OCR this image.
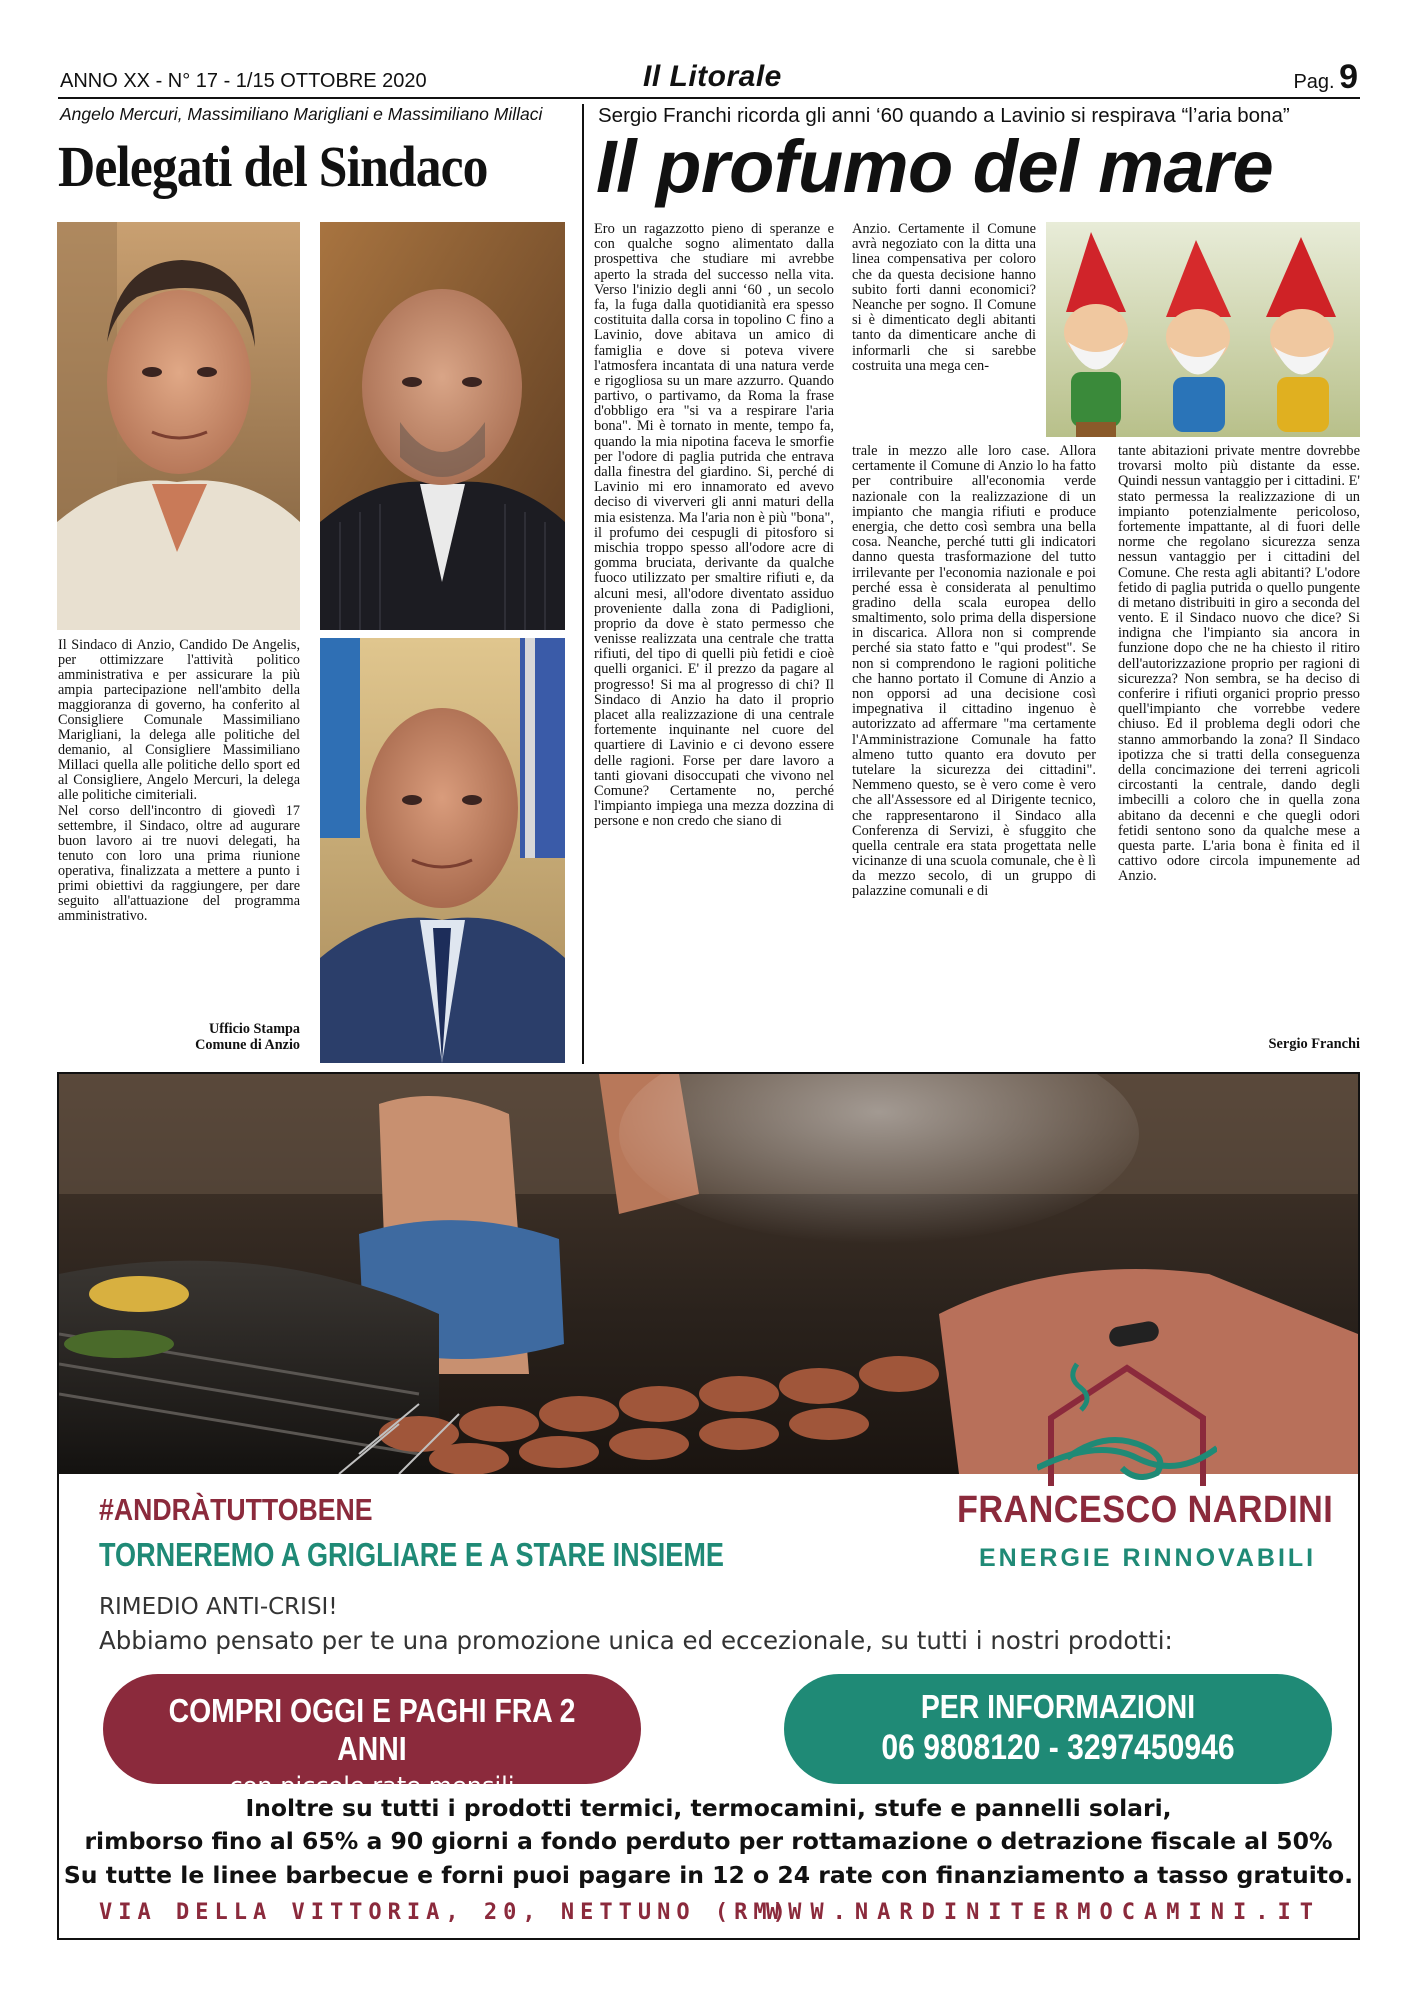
ANNO XX - N° 17 - 1/15 OTTOBRE 2020	Il Litorale	Pag. 9
Angelo Mercuri, Massimiliano Marigliani e Massimiliano Millaci
Delegati del Sindaco

Il Sindaco di Anzio, Candido De Angelis, per ottimizzare l'attività politico amministrativa e per assicurare la più ampia partecipazione nell'ambito della maggioranza di governo, ha conferito al Consigliere Comunale Massimiliano Marigliani, la delega alle politiche del demanio, al Consigliere Massimiliano Millaci quella alle politiche dello sport ed al Consigliere, Angelo Mercuri, la delega alle politiche cimiteriali.

Nel corso dell'incontro di giovedì 17 settembre, il Sindaco, oltre ad augurare buon lavoro ai tre nuovi delegati, ha tenuto con loro una prima riunione operativa, finalizzata a mettere a punto i primi obiettivi da raggiungere, per dare seguito all'attuazione del programma amministrativo.

Ufficio Stampa
Comune di Anzio
Sergio Franchi ricorda gli anni ‘60 quando a Lavinio si respirava “l’aria bona”
Il profumo del mare

Ero un ragazzotto pieno di speranze e con qualche sogno alimentato dalla prospettiva che studiare mi avrebbe aperto la strada del successo nella vita. Verso l'inizio degli anni ‘60 , un secolo fa, la fuga dalla quotidianità era spesso costituita dalla corsa in topolino C fino a Lavinio, dove abitava un amico di famiglia e dove si poteva vivere l'atmosfera incantata di una natura verde e rigogliosa su un mare azzurro. Quando partivo, o partivamo, da Roma la frase d'obbligo era "si va a respirare l'aria bona". Mi è tornato in mente, tempo fa, quando la mia nipotina faceva le smorfie per l'odore di paglia putrida che entrava dalla finestra del giardino. Si, perché di Lavinio mi ero innamorato ed avevo deciso di viververi gli anni maturi della mia esistenza. Ma l'aria non è più "bona", il profumo dei cespugli di pitosforo si mischia troppo spesso all'odore acre di gomma bruciata, derivante da qualche fuoco utilizzato per smaltire rifiuti e, da alcuni mesi, all'odore diventato assiduo proveniente dalla zona di Padiglioni, proprio da dove è stato permesso che venisse realizzata una centrale che tratta rifiuti, del tipo di quelli più fetidi e cioè quelli organici. E' il prezzo da pagare al progresso! Si ma al progresso di chi? Il Sindaco di Anzio ha dato il proprio placet alla realizzazione di una centrale fortemente inquinante nel cuore del quartiere di Lavinio e ci devono essere delle ragioni. Forse per dare lavoro a tanti giovani disoccupati che vivono nel Comune? Certamente no, perché l'impianto impiega una mezza dozzina di persone e non credo che siano di

Anzio. Certamente il Comune avrà negoziato con la ditta una linea compensativa per coloro che da questa decisione hanno subito forti danni economici? Neanche per sogno. Il Comune si è dimenticato degli abitanti tanto da dimenticare anche di informarli che si sarebbe costruita una mega cen-

trale in mezzo alle loro case. Allora certamente il Comune di Anzio lo ha fatto per contribuire all'economia verde nazionale con la realizzazione di un impianto che mangia rifiuti e produce energia, che detto così sembra una bella cosa. Neanche, perché tutti gli indicatori danno questa trasformazione del tutto irrilevante per l'economia nazionale e poi perché essa è considerata al penultimo gradino della scala europea dello smaltimento, solo prima della dispersione in discarica. Allora non si comprende perché sia stato fatto e "qui prodest". Se non si comprendono le ragioni politiche che hanno portato il Comune di Anzio a non opporsi ad una decisione così impegnativa il cittadino ingenuo è autorizzato ad affermare "ma certamente l'Amministrazione Comunale ha fatto almeno tutto quanto era dovuto per tutelare la sicurezza dei cittadini". Nemmeno questo, se è vero come è vero che all'Assessore ed al Dirigente tecnico, che rappresentarono il Sindaco alla Conferenza di Servizi, è sfuggito che quella centrale era stata progettata nelle vicinanze di una scuola comunale, che è lì da mezzo secolo, di un gruppo di palazzine comunali e di

tante abitazioni private mentre dovrebbe trovarsi molto più distante da esse. Quindi nessun vantaggio per i cittadini. E' stato permessa la realizzazione di un impianto potenzialmente pericoloso, fortemente impattante, al di fuori delle norme che regolano sicurezza senza nessun vantaggio per i cittadini del Comune. Che resta agli abitanti? L'odore fetido di paglia putrida o quello pungente di metano distribuiti in giro a seconda del vento. E il Sindaco nuovo che dice? Si indigna che l'impianto sia ancora in funzione dopo che ne ha chiesto il ritiro dell'autorizzazione proprio per ragioni di sicurezza? Non sembra, se ha deciso di conferire i rifiuti organici proprio presso quell'impianto che vorrebbe vedere chiuso. Ed il problema degli odori che stanno ammorbando la zona? Il Sindaco ipotizza che si tratti della conseguenza della concimazione dei terreni agricoli circostanti la centrale, dando degli imbecilli a coloro che in quella zona abitano da decenni e che quegli odori fetidi sentono sono da qualche mese a questa parte. L'aria bona è finita ed il cattivo odore circola impunemente ad Anzio.

Sergio Franchi
#ANDRÀTUTTOBENE
TORNEREMO A GRIGLIARE E A STARE INSIEME
FRANCESCO NARDINI
ENERGIE RINNOVABILI
RIMEDIO ANTI-CRISI!
Abbiamo pensato per te una promozione unica ed eccezionale, su tutti i nostri prodotti:
COMPRI OGGI E PAGHI FRA 2 ANNI
con piccole rate mensili
PER INFORMAZIONI
06 9808120 - 3297450946
Inoltre su tutti i prodotti termici, termocamini, stufe e pannelli solari,
rimborso fino al 65% a 90 giorni a fondo perduto per rottamazione o detrazione fiscale al 50%
Su tutte le linee barbecue e forni puoi pagare in 12 o 24 rate con finanziamento a tasso gratuito.
VIA DELLA VITTORIA, 20, NETTUNO (RM)
WWW.NARDINITERMOCAMINI.IT
